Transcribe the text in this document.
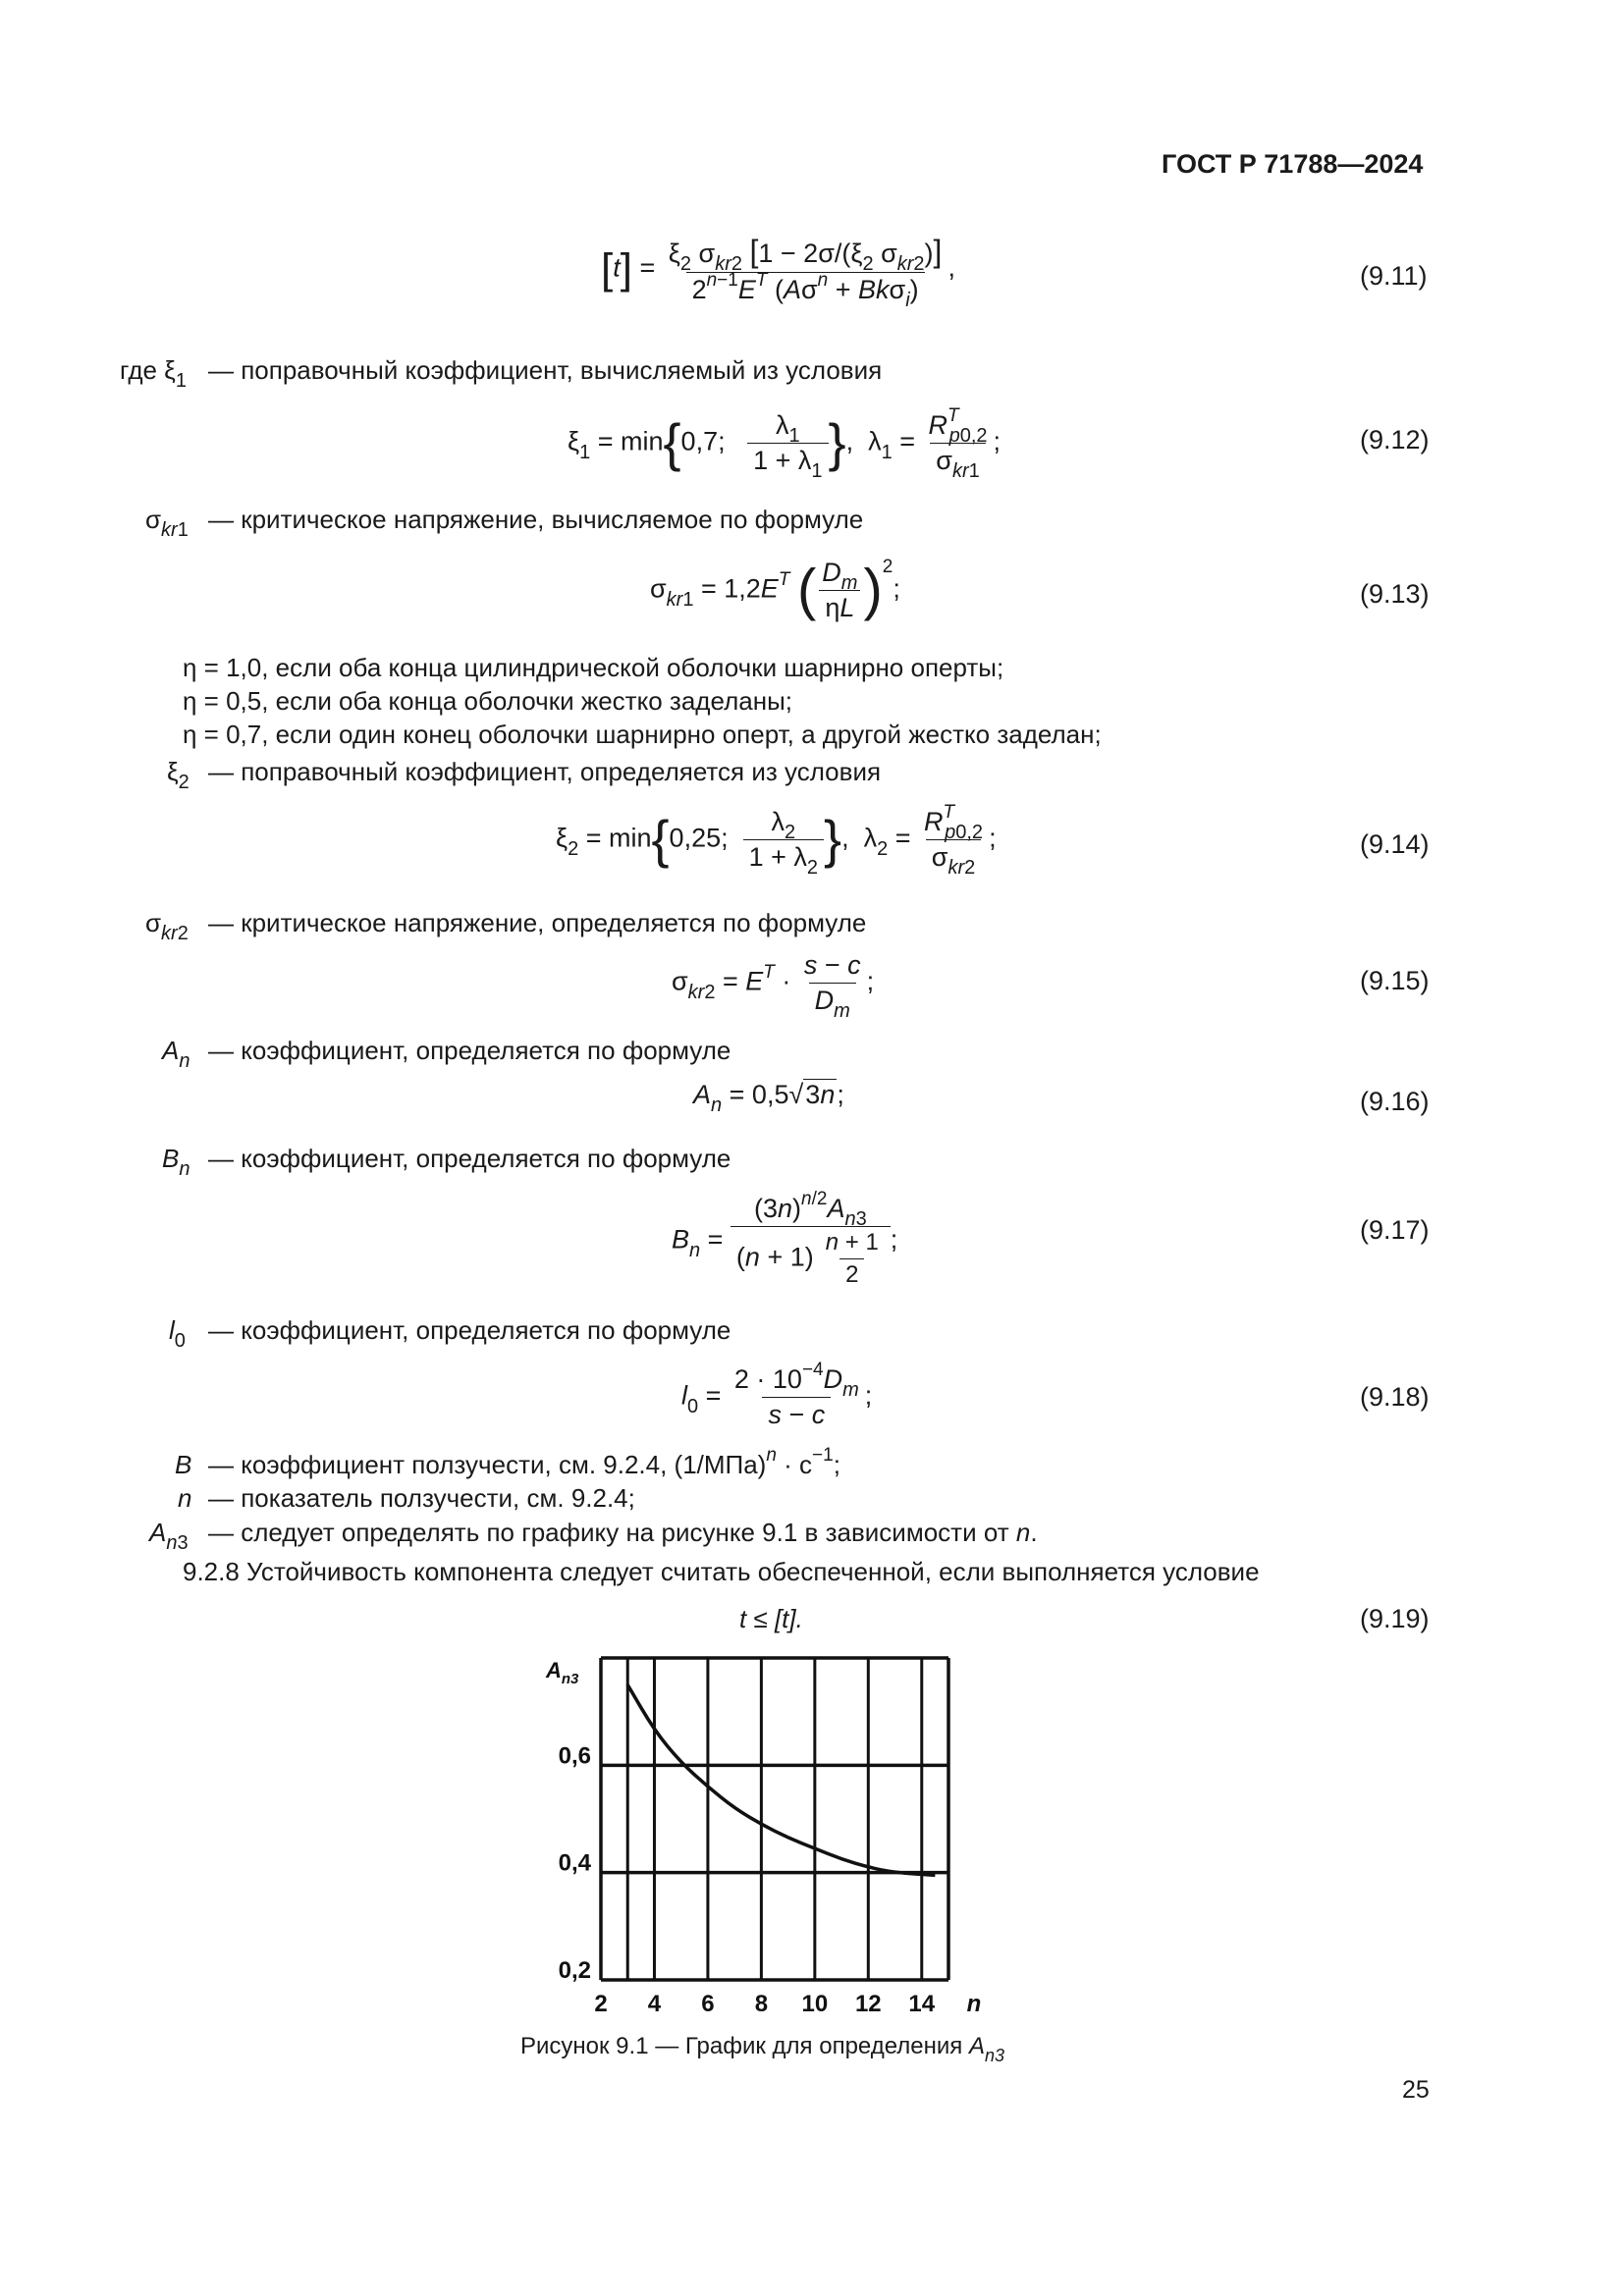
ГОСТ Р 71788—2024
$[t] = \frac{\xi_2 \sigma_{kr2} [1 - 2\sigma/(\xi_2 \sigma_{kr2})]}{2^{n-1}E^T (A\sigma^n + Bk\sigma_i)}$ ,	(9.11)
где $\xi_1$ — поправочный коэффициент, вычисляемый из условия
$\xi_1 = \min\{0,7$; $\frac{\lambda_1}{1 + \lambda_1}$ },  $\lambda_1 = \frac{R^T_{p0,2}}{\sigma_{kr1}}$ ;	(9.12)
$\sigma_{kr1}$ — критическое напряжение, вычисляемое по формуле
$\sigma_{kr1} = 1,2E^T$ ( $\frac{D_m}{\eta L} )^2$;	(9.13)
η = 1,0, если оба конца цилиндрической оболочки шарнирно оперты;
η = 0,5, если оба конца оболочки жестко заделаны;
η = 0,7, если один конец оболочки шарнирно оперт, а другой жестко заделан;
$\xi_2$ — поправочный коэффициент, определяется из условия
$\xi_2 = \min\{0,25$; $\frac{\lambda_2}{1 + \lambda_2}$ },  $\lambda_2 = \frac{R^T_{p0,2}}{\sigma_{kr2}}$ ;	(9.14)
$\sigma_{kr2}$ — критическое напряжение, определяется по формуле
$\sigma_{kr2} = E^T \cdot \frac{s - c}{D_m}$ ;	(9.15)
$A_n$ — коэффициент, определяется по формуле
$A_n = 0,5√3n$;	(9.16)
$B_n$ — коэффициент, определяется по формуле
$B_n = \frac{(3n)^{n/2}A_{n3}}{(n + 1) \frac{n + 1}{2}}$ ;	(9.17)
$l_0$ — коэффициент, определяется по формуле
$l_0 = \frac{2 \cdot 10^{-4}D_m}{s - c}$ ;	(9.18)
B — коэффициент ползучести, см. 9.2.4, $(1/МПа)^n \cdot с^{-1}$;
n — показатель ползучести, см. 9.2.4;
$A_{n3}$ — следует определять по графику на рисунке 9.1 в зависимости от n.
9.2.8 Устойчивость компонента следует считать обеспеченной, если выполняется условие
t ≤ [t].	(9.19)
2 4 6 8 10 12 14 n
0,2
0,4
0,6
$A_{n3}$
Рисунок 9.1 — График для определения $A_{n3}$
25
